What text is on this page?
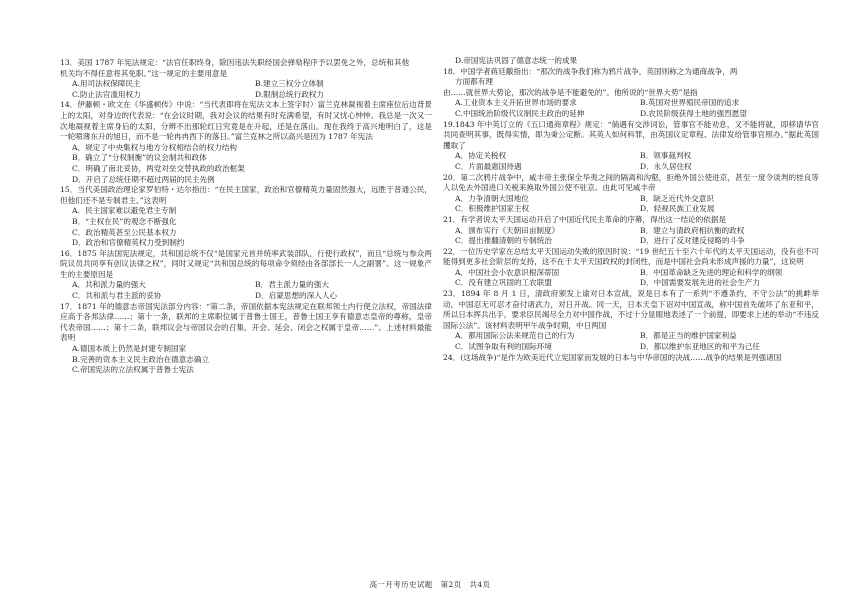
13．美国 1787 年宪法规定：“法官任职终身，除因违法失职经国会弹劾程序予以罢免之外，总统和其他

机关均不得任意将其免职。”这一规定的主要用意是

A.用司法权保障民主	B.建立三权分立体制
C.防止法官滥用权力	D.限制总统行政权力

14．伊藤顿・欧文在《华盛顿传》中说：“当代表即将在宪法文本上签字时）富兰克林凝视着主席座位后边背景上的太阳，对身边的代表说：“在会议时期，我对会议的结果有时充满希望，有时又忧心忡忡。我总是一次又一次地凝视着主席身后的太阳，分辨不出那轮红日究竟是在升起，还是在落山。现在我终于高兴地明白了，这是一轮喷薄东升的旭日，而不是一轮冉冉西下的落日。”富兰克林之所以高兴是因为 1787 年宪法

A．规定了中央集权与地方分权相结合的权力结构
B．确立了“分权制衡”的议会制共和政体
C．明确了南北妥协，两党对垒交替执政的政治框架
D．开启了总统任期不超过两届的民主先例

15．当代美国政治理论家罗伯特・达尔指出：“在民主国家，政治和官僚精英力量固然强大，远胜于普通公民，但他们还不是专制君主。”这表明

A．民主国家难以避免君主专制
B．“主权在民”的观念不断强化
C．政治精英甚至公民基本权力
D．政治和官僚精英权力受到制约

16．1875 年法国宪法规定，共和国总统不仅“是国家元首并统率武装部队，行使行政权”，而且“总统与参众两院议员共同享有创议法律之权”，同时又规定“共和国总统的每项命令须经由各部部长一人之副署”。这一规象产生的主要原因是

A．共和派力量的强大	B．君主派力量的强大
C．共和派与君主派的妥协	D．启蒙思想的深入人心

17．1871 年的德意志帝国宪法部分内容：“第二条，帝国依据本宪法规定在联邦领土内行使立法权，帝国法律应高于各邦法律……；第十一条，联邦的主席职位属于普鲁士国王，普鲁士国王享有德意志皇帝的尊称，皇帝代表帝国……；第十二条，联邦议会与帝国议会的召集、开会、延会、闭会之权属于皇帝……”。上述材料最能表明

A.德国本质上仍然是封建专制国家
B.完善的资本主义民主政治在德意志确立
C.帝国宪法的立法权属于普鲁士宪法
D.帝国宪法巩固了德意志统一的成果

18．中国学者蒋廷黻指出：“那次的战争我们称为鸦片战争，英国则称之为通商战争，两

方面都有理

由……就世界大势论，那次的战争是不能避免的”。他所说的“世界大势”是指

A.工业资本主义开拓世界市场的要求	B.英国对世界殖民帝国的追求
C.中国统治阶级代议制民主政治的延伸	D.农民阶级获得土地的强烈愿望

19.1843 年中英订立的《五口通商章程》规定：“倘遇有交涉词讼，管事官不能劝息，又不能将就，即移请华官共同查明其事，既得实情，即为秉公定断。其英人如何科罪，由英国议定章程、法律发给管事官照办。”据此英国攫取了

A．协定关税权	B．领事裁判权
C．片面最惠国待遇	D．永久居住权

20．第二次鸦片战争中，咸丰帝主张保全华夷之间的隔离和沟壑，拒绝外国公使进京，甚至一度令谈判的桂良等人以免去外国进口关税来换取外国公使不驻京。由此可见咸丰帝

A．力争清朝大国地位	B．缺乏近代外交意识
C．积极维护国家主权	D．轻视民族工业发展

21．有学者说太平天国运动开启了中国近代民主革命的序幕，得出这一结论的依据是

A．颁布实行《天朝田亩制度》	B．建立与清政府相抗衡的政权
C．提出推翻清朝的专制统治	D．进行了反对建反侵略的斗争

22．一位历史学家在总结太平天国运动失败的原因时说：“19 世纪五十至六十年代的太平天国运动，没有也不可能得到更多社会阶层的支持，这不在于太平天国政权的封闭性，而是中国社会尚未形成声援的力量”，这说明

A．中国社会小农意识根深蒂固	B．中国革命缺乏先进的理论和科学的纲领
C．没有建立巩固的工农联盟	D．中国需要发展先进的社会生产力

23．1894 年 8 月 1 日，清政府颁发上谕对日本宣战，说是日本有了一系列“不遵条约，不守公法”的挑衅举动，中国忍无可忍才奋付诸武力，对日开战。同一天，日本天皇下诏对中国宣战，称中国首先破坏了东亚和平，所以日本挥兵出手，要求臣民竭尽全力对中国作战，不过十分显眼地表述了一个前提，即要求上述的举动“不违反国际公法”。该材料表明甲午战争时期，中日两国

A．都用国际公法来规范自己的行为	B．都是正当的维护国家利益
C．试图争取有利的国际环境	D．都以维护东亚地区的和平为己任

24．(这场战争)“是作为欧美近代立宪国家而发展的日本与中华帝国的决战……战争的结果是列强诸国

高一月考历史试题　第2页　共4页
